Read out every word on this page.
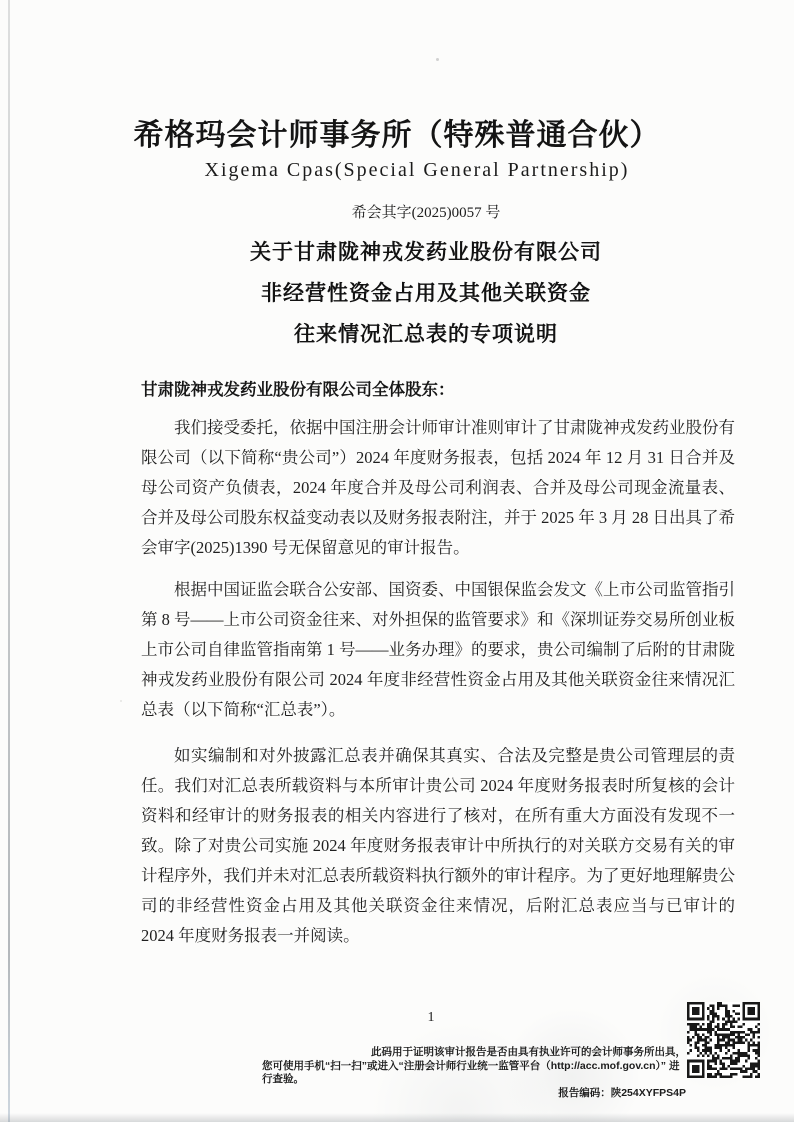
希格玛会计师事务所（特殊普通合伙）
Xigema Cpas(Special General Partnership)
希会其字(2025)0057 号
关于甘肃陇神戎发药业股份有限公司
非经营性资金占用及其他关联资金
往来情况汇总表的专项说明

甘肃陇神戎发药业股份有限公司全体股东：

我们接受委托，依据中国注册会计师审计准则审计了甘肃陇神戎发药业股份有限公司（以下简称“贵公司”）2024 年度财务报表，包括 2024 年 12 月 31 日合并及母公司资产负债表，2024 年度合并及母公司利润表、合并及母公司现金流量表、合并及母公司股东权益变动表以及财务报表附注，并于 2025 年 3 月 28 日出具了希会审字(2025)1390 号无保留意见的审计报告。

根据中国证监会联合公安部、国资委、中国银保监会发文《上市公司监管指引第 8 号——上市公司资金往来、对外担保的监管要求》和《深圳证券交易所创业板上市公司自律监管指南第 1 号——业务办理》的要求，贵公司编制了后附的甘肃陇神戎发药业股份有限公司 2024 年度非经营性资金占用及其他关联资金往来情况汇总表（以下简称“汇总表”）。

如实编制和对外披露汇总表并确保其真实、合法及完整是贵公司管理层的责任。我们对汇总表所载资料与本所审计贵公司 2024 年度财务报表时所复核的会计资料和经审计的财务报表的相关内容进行了核对，在所有重大方面没有发现不一致。除了对贵公司实施 2024 年度财务报表审计中所执行的对关联方交易有关的审计程序外，我们并未对汇总表所载资料执行额外的审计程序。为了更好地理解贵公司的非经营性资金占用及其他关联资金往来情况，后附汇总表应当与已审计的 2024 年度财务报表一并阅读。

1
此码用于证明该审计报告是否由具有执业许可的会计师事务所出具，
您可使用手机“扫一扫”或进入“注册会计师行业统一监管平台（http://acc.mof.gov.cn）” 进行查验。
报告编码：陕254XYFPS4P
